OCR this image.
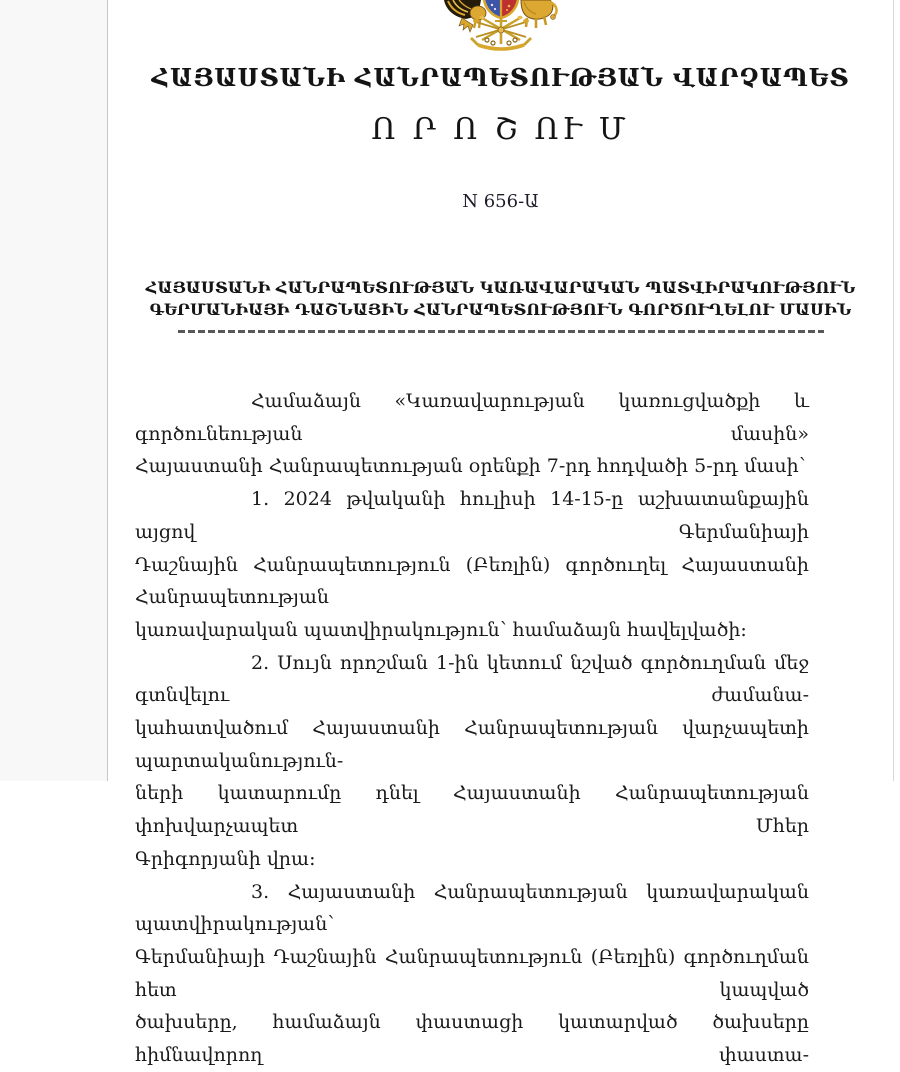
ՀԱՅԱՍՏԱՆԻ ՀԱՆՐԱՊԵՏՈՒԹՅԱՆ ՎԱՐՉԱՊԵՏ
Ո Ր Ո Շ ՈՒ Մ
N 656-Ա
ՀԱՅԱՍՏԱՆԻ ՀԱՆՐԱՊԵՏՈՒԹՅԱՆ ԿԱՌԱՎԱՐԱԿԱՆ ՊԱՏՎԻՐԱԿՈՒԹՅՈՒՆ
ԳԵՐՄԱՆԻԱՅԻ ԴԱՇՆԱՅԻՆ ՀԱՆՐԱՊԵՏՈՒԹՅՈՒՆ ԳՈՐԾՈՒՂԵԼՈՒ ՄԱՍԻՆ
Համաձայն «Կառավարության կառուցվածքի և գործունեության մասին»
Հայաստանի Հանրապետության օրենքի 7-րդ հոդվածի 5-րդ մասի՝
1. 2024 թվականի հուլիսի 14-15-ը աշխատանքային այցով Գերմանիայի
Դաշնային Հանրապետություն (Բեռլին) գործուղել Հայաստանի Հանրապետության
կառավարական պատվիրակություն՝ համաձայն հավելվածի։
2. Սույն որոշման 1-ին կետում նշված գործուղման մեջ գտնվելու ժամանա-
կահատվածում Հայաստանի Հանրապետության վարչապետի պարտականություն-
ների կատարումը դնել Հայաստանի Հանրապետության փոխվարչապետ Մհեր
Գրիգորյանի վրա։
3. Հայաստանի Հանրապետության կառավարական պատվիրակության՝
Գերմանիայի Դաշնային Հանրապետություն (Բեռլին) գործուղման հետ կապված
ծախսերը, համաձայն փաստացի կատարված ծախսերը հիմնավորող փաստա-
